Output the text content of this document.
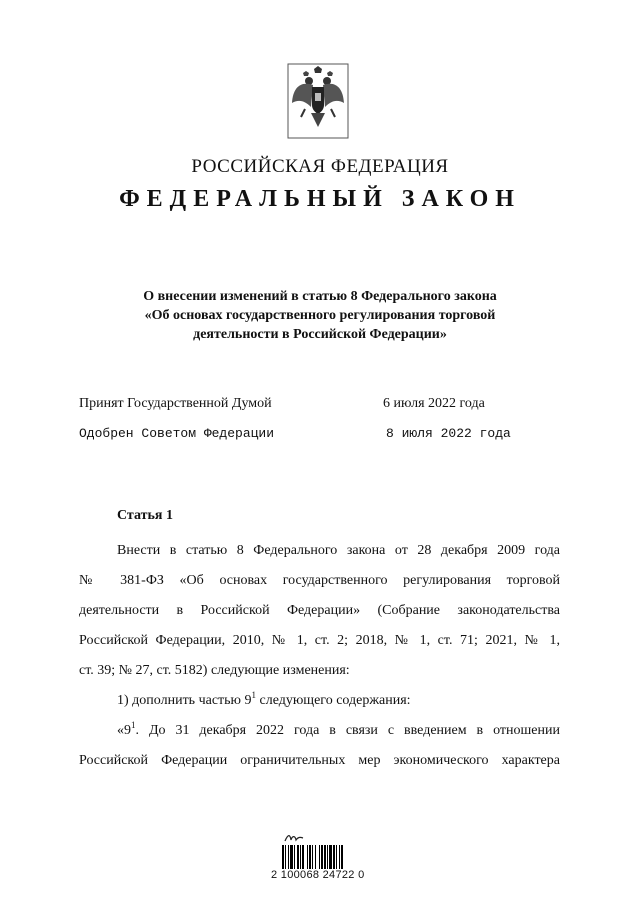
РОССИЙСКАЯ ФЕДЕРАЦИЯ
ФЕДЕРАЛЬНЫЙ ЗАКОН
О внесении изменений в статью 8 Федерального закона
«Об основах государственного регулирования торговой
деятельности в Российской Федерации»
Принят Государственной Думой	6 июля 2022 года
Одобрен Советом Федерации	8 июля 2022 года
Статья 1
Внести в статью 8 Федерального закона от 28 декабря 2009 года
№ 381-ФЗ «Об основах государственного регулирования торговой
деятельности в Российской Федерации» (Собрание законодательства
Российской Федерации, 2010, № 1, ст. 2; 2018, № 1, ст. 71; 2021, № 1,
ст. 39; № 27, ст. 5182) следующие изменения:
1) дополнить частью $9^1$ следующего содержания:
«$9^1$. До 31 декабря 2022 года в связи с введением в отношении
Российской Федерации ограничительных мер экономического характера
2 100068 24722 0
